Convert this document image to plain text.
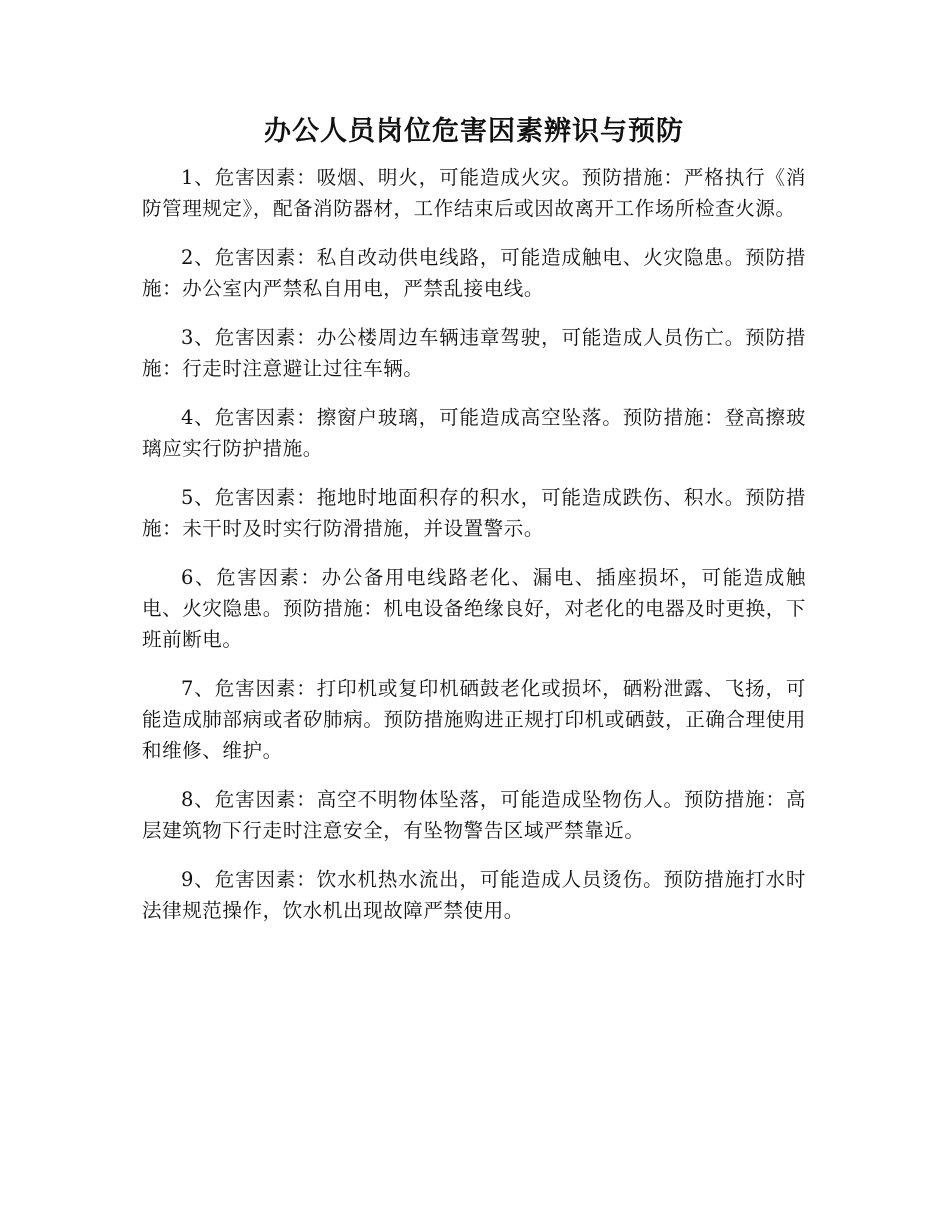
办公人员岗位危害因素辨识与预防

1、危害因素：吸烟、明火，可能造成火灾。预防措施：严格执行《消防管理规定》，配备消防器材，工作结束后或因故离开工作场所检查火源。

2、危害因素：私自改动供电线路，可能造成触电、火灾隐患。预防措施：办公室内严禁私自用电，严禁乱接电线。

3、危害因素：办公楼周边车辆违章驾驶，可能造成人员伤亡。预防措施：行走时注意避让过往车辆。

4、危害因素：擦窗户玻璃，可能造成高空坠落。预防措施：登高擦玻璃应实行防护措施。

5、危害因素：拖地时地面积存的积水，可能造成跌伤、积水。预防措施：未干时及时实行防滑措施，并设置警示。

6、危害因素：办公备用电线路老化、漏电、插座损坏，可能造成触电、火灾隐患。预防措施：机电设备绝缘良好，对老化的电器及时更换，下班前断电。

7、危害因素：打印机或复印机硒鼓老化或损坏，硒粉泄露、飞扬，可能造成肺部病或者矽肺病。预防措施购进正规打印机或硒鼓，正确合理使用和维修、维护。

8、危害因素：高空不明物体坠落，可能造成坠物伤人。预防措施：高层建筑物下行走时注意安全，有坠物警告区域严禁靠近。

9、危害因素：饮水机热水流出，可能造成人员烫伤。预防措施打水时法律规范操作，饮水机出现故障严禁使用。
